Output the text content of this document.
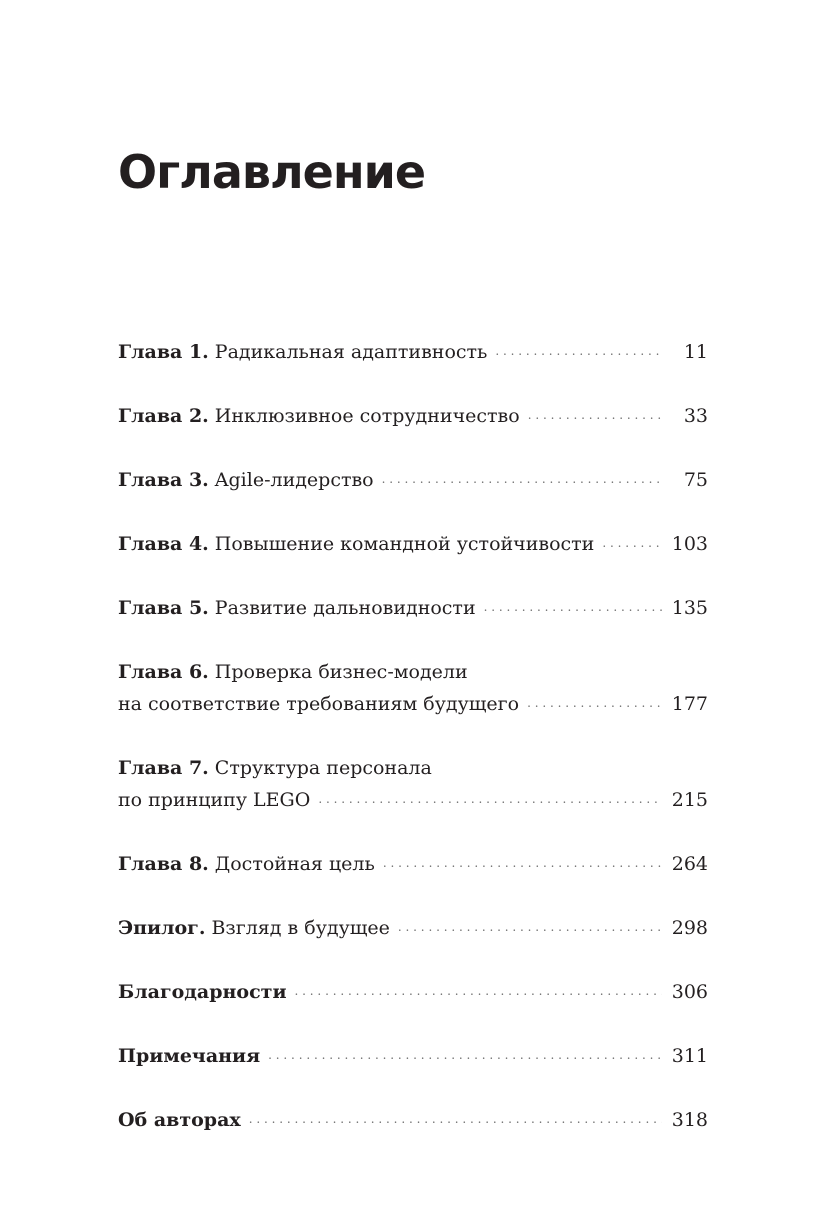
Оглавление
Глава 1. Радикальная адаптивность . . .	11
Глава 2. Инклюзивное сотрудничество . . .	33
Глава 3. Agile-лидерство . . .	75
Глава 4. Повышение командной устойчивости . . .	103
Глава 5. Развитие дальновидности . . .	135
Глава 6. Проверка бизнес-модели
на соответствие требованиям будущего . . .	177
Глава 7. Структура персонала
по принципу LEGO . . .	215
Глава 8. Достойная цель . . .	264
Эпилог. Взгляд в будущее . . .	298
Благодарности . . .	306
Примечания . . .	311
Об авторах . . .	318
